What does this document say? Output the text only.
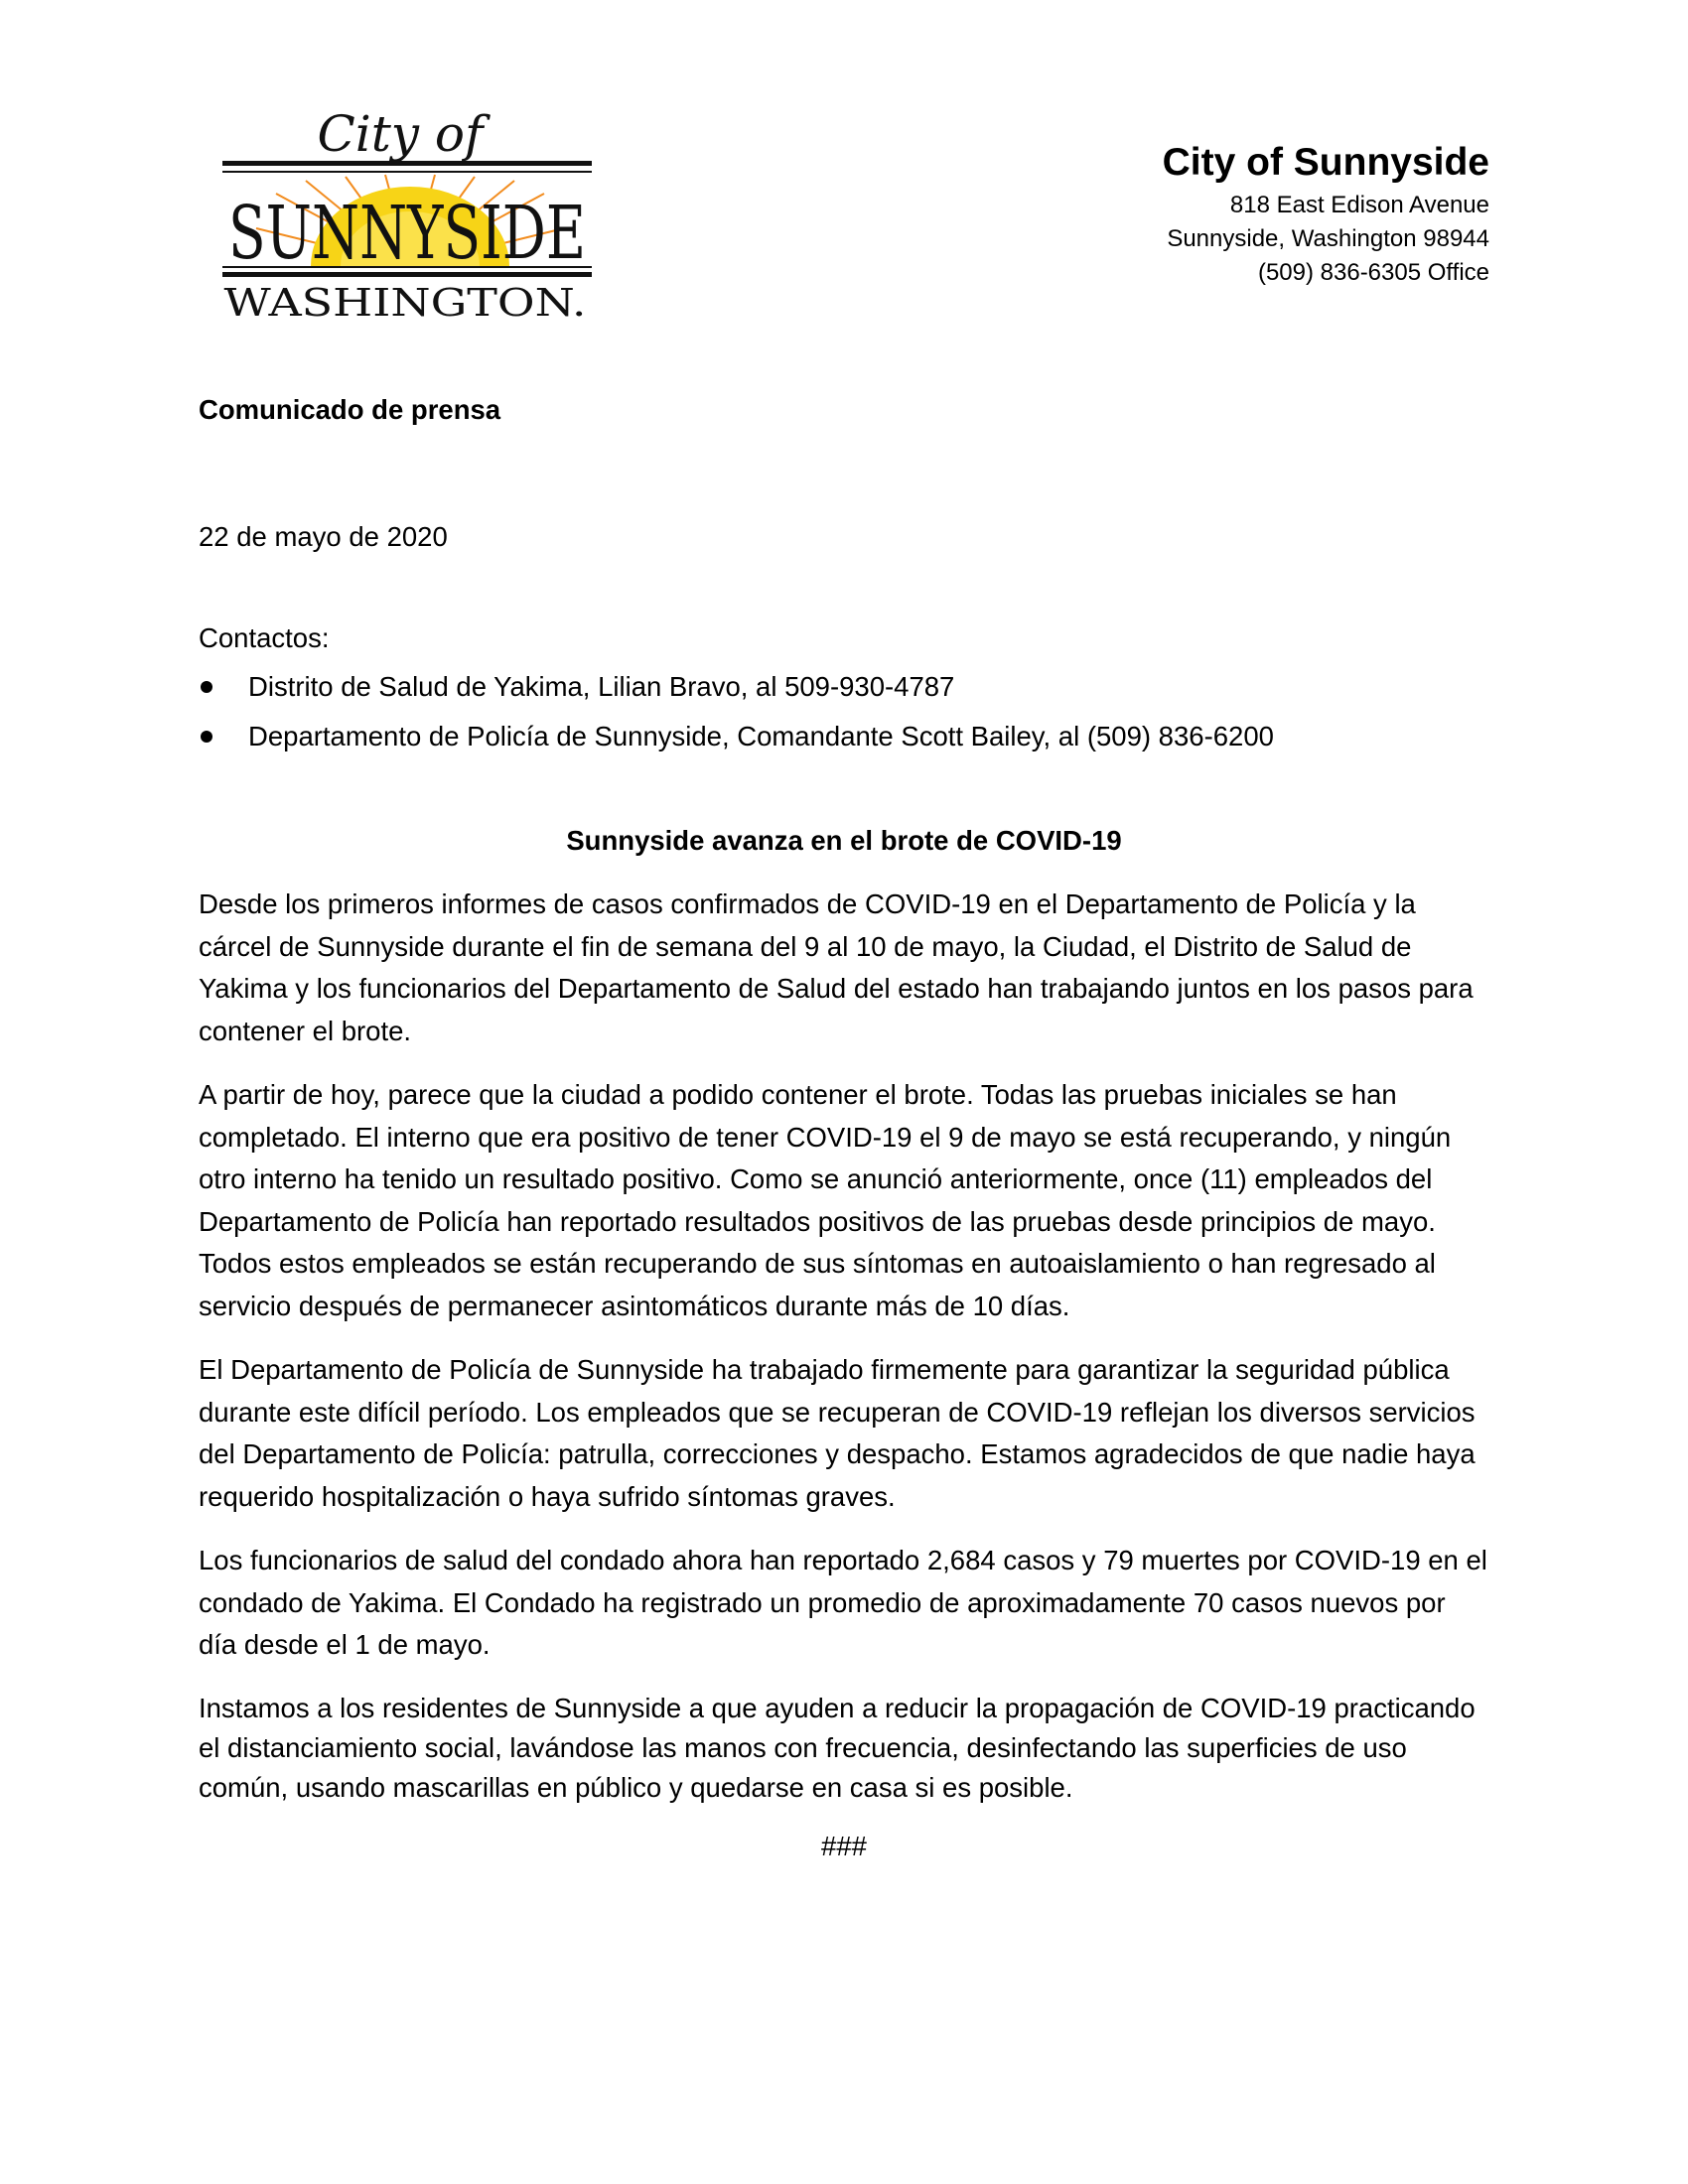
City of
SUNNYSIDE
WASHINGTON.
City of Sunnyside
818 East Edison Avenue
Sunnyside, Washington 98944
(509) 836-6305 Office

Comunicado de prensa

22 de mayo de 2020

Contactos:

Distrito de Salud de Yakima, Lilian Bravo, al 509-930-4787
Departamento de Policía de Sunnyside, Comandante Scott Bailey, al (509) 836-6200

Sunnyside avanza en el brote de COVID-19

Desde los primeros informes de casos confirmados de COVID-19 en el Departamento de Policía y la cárcel de Sunnyside durante el fin de semana del 9 al 10 de mayo, la Ciudad, el Distrito de Salud de Yakima y los funcionarios del Departamento de Salud del estado han trabajando juntos en los pasos para contener el brote.

A partir de hoy, parece que la ciudad a podido contener el brote. Todas las pruebas iniciales se han completado. El interno que era positivo de tener COVID-19 el 9 de mayo se está recuperando, y ningún otro interno ha tenido un resultado positivo. Como se anunció anteriormente, once (11) empleados del Departamento de Policía han reportado resultados positivos de las pruebas desde principios de mayo. Todos estos empleados se están recuperando de sus síntomas en autoaislamiento o han regresado al servicio después de permanecer asintomáticos durante más de 10 días.

El Departamento de Policía de Sunnyside ha trabajado firmemente para garantizar la seguridad pública durante este difícil período. Los empleados que se recuperan de COVID-19 reflejan los diversos servicios del Departamento de Policía: patrulla, correcciones y despacho. Estamos agradecidos de que nadie haya requerido hospitalización o haya sufrido síntomas graves.

Los funcionarios de salud del condado ahora han reportado 2,684 casos y 79 muertes por COVID-19 en el condado de Yakima. El Condado ha registrado un promedio de aproximadamente 70 casos nuevos por día desde el 1 de mayo.

Instamos a los residentes de Sunnyside a que ayuden a reducir la propagación de COVID-19 practicando el distanciamiento social, lavándose las manos con frecuencia, desinfectando las superficies de uso común, usando mascarillas en público y quedarse en casa si es posible.

###
